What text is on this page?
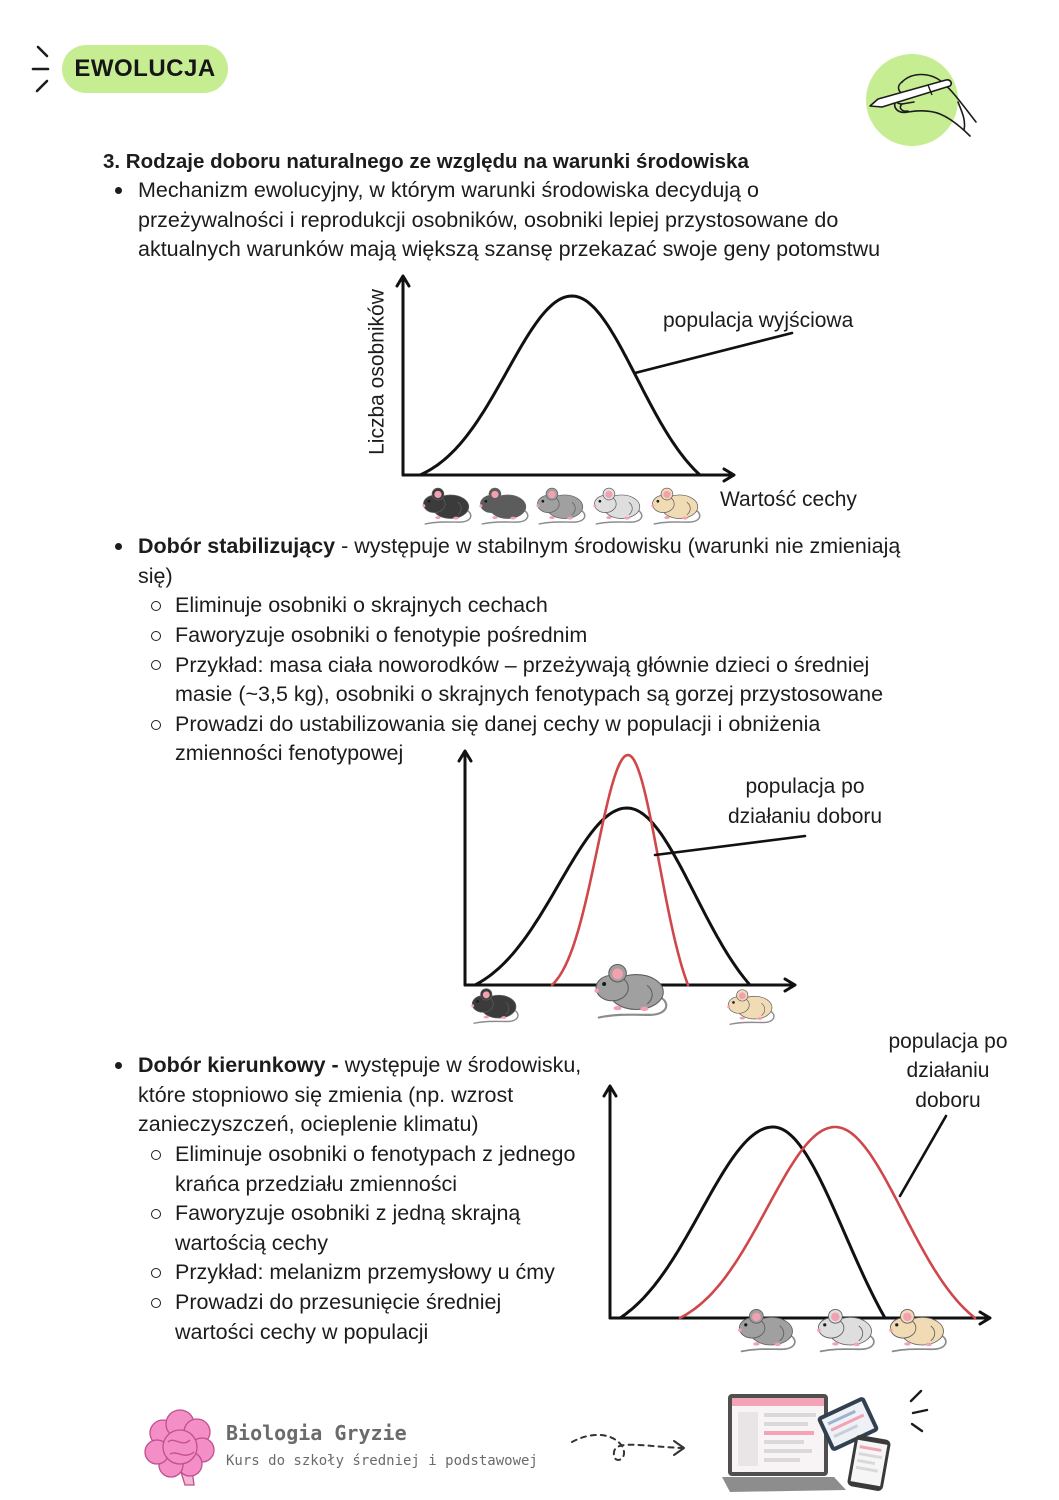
Liczba osobników
EWOLUCJA
3. Rodzaje doboru naturalnego ze względu na warunki środowiska
Mechanizm ewolucyjny, w którym warunki środowiska decydują o
przeżywalności i reprodukcji osobników, osobniki lepiej przystosowane do
aktualnych warunków mają większą szansę przekazać swoje geny potomstwu
populacja wyjściowa
Wartość cechy
Dobór stabilizujący - występuje w stabilnym środowisku (warunki nie zmieniają
się)
Eliminuje osobniki o skrajnych cechach
Faworyzuje osobniki o fenotypie pośrednim
Przykład: masa ciała noworodków – przeżywają głównie dzieci o średniej
masie (~3,5 kg), osobniki o skrajnych fenotypach są gorzej przystosowane
Prowadzi do ustabilizowania się danej cechy w populacji i obniżenia
zmienności fenotypowej
populacja po
działaniu doboru
Dobór kierunkowy - występuje w środowisku,
które stopniowo się zmienia (np. wzrost
zanieczyszczeń, ocieplenie klimatu)
Eliminuje osobniki o fenotypach z jednego
krańca przedziału zmienności
Faworyzuje osobniki z jedną skrajną
wartością cechy
Przykład: melanizm przemysłowy u ćmy
Prowadzi do przesunięcie średniej
wartości cechy w populacji
populacja po
działaniu
doboru
Biologia Gryzie
Kurs do szkoły średniej i podstawowej
